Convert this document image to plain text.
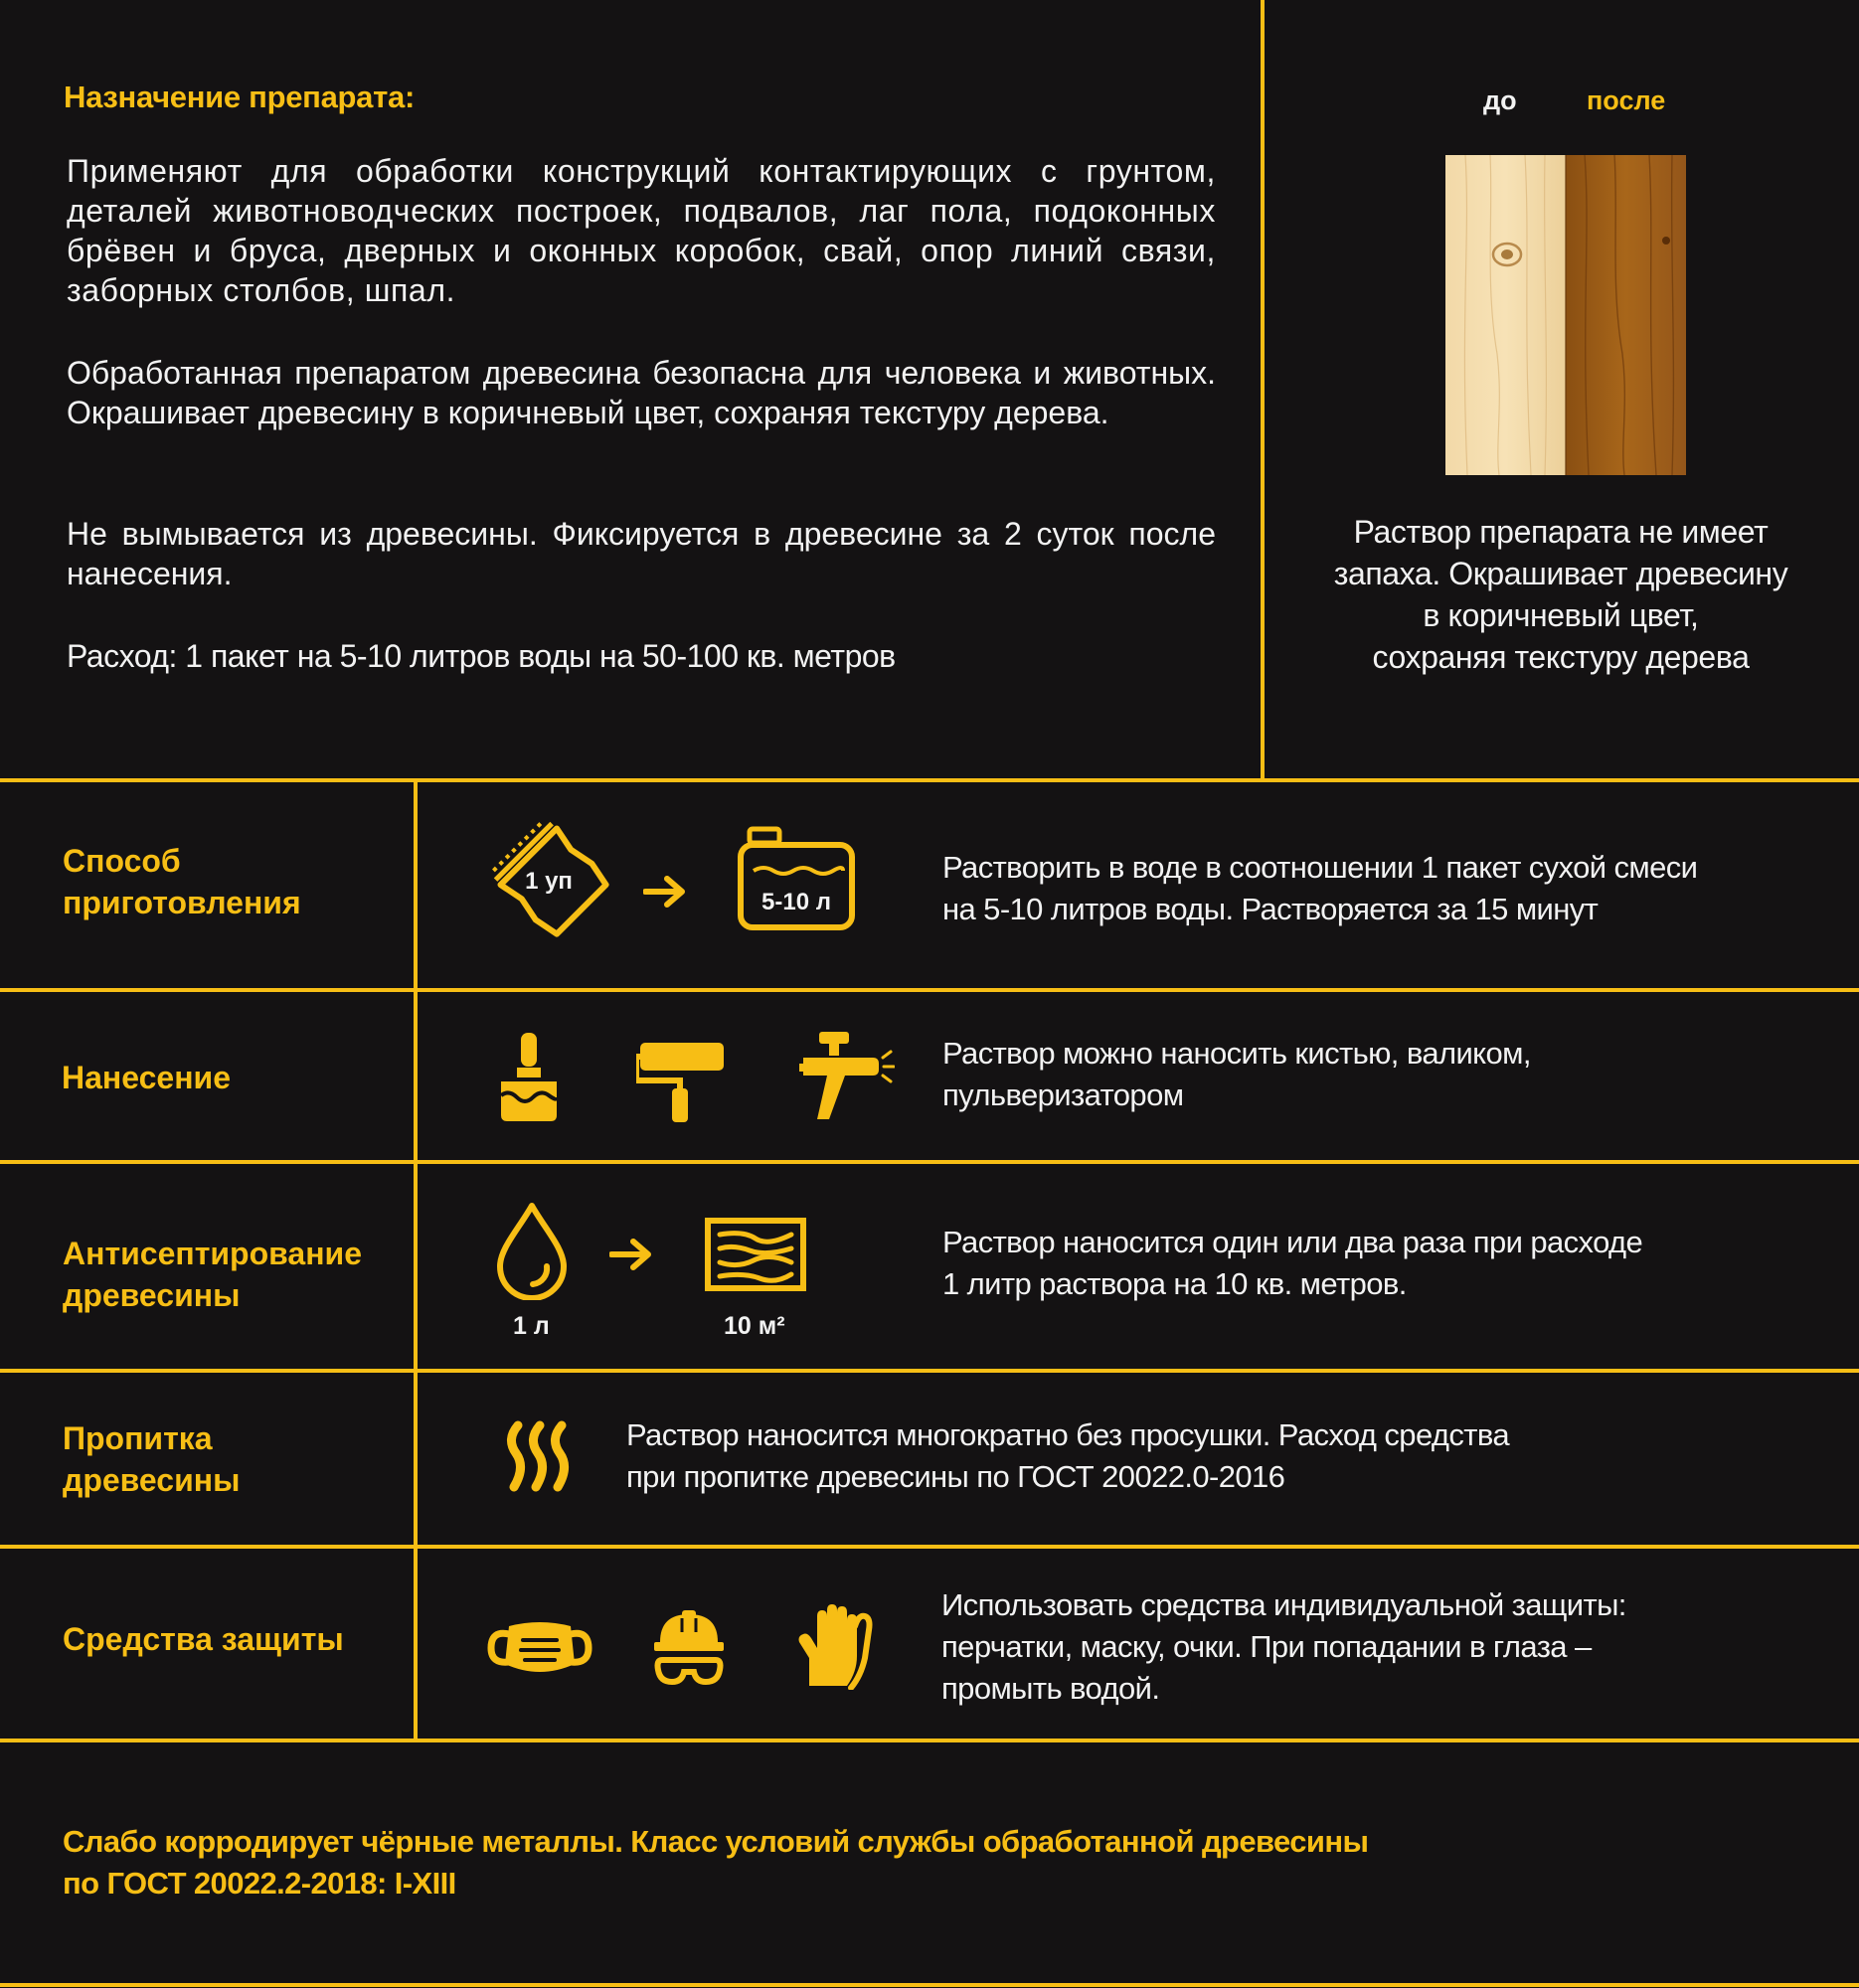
Назначение препарата:
Применяют для обработки конструкций контактирующих с грунтом, деталей животноводческих построек, подвалов, лаг пола, подоконных брёвен и бруса, дверных и оконных коробок, свай, опор линий связи, заборных столбов, шпал.
Обработанная препаратом древесина безопасна для человека и животных. Окрашивает древесину в коричневый цвет, сохраняя текстуру дерева.
Не вымывается из древесины. Фиксируется в древесине за 2 суток после нанесения.
Расход: 1 пакет на 5-10 литров воды на 50-100 кв. метров
до	после
Раствор препарата не имеет
запаха. Окрашивает древесину
в коричневый цвет,
сохраняя текстуру дерева
Способ
приготовления
1 уп
5-10 л
Растворить в воде в соотношении 1 пакет сухой смеси
на 5-10 литров воды. Растворяется за 15 минут
Нанесение
Раствор можно наносить кистью, валиком,
пульверизатором
Антисептирование
древесины
1 л	10 м²
Раствор наносится один или два раза при расходе
1 литр раствора на 10 кв. метров.
Пропитка
древесины
Раствор наносится многократно без просушки. Расход средства
при пропитке древесины по ГОСТ 20022.0-2016
Средства защиты
Использовать средства индивидуальной защиты:
перчатки, маску, очки. При попадании в глаза –
промыть водой.
Слабо корродирует чёрные металлы. Класс условий службы обработанной древесины
по ГОСТ 20022.2-2018: I-XIII
